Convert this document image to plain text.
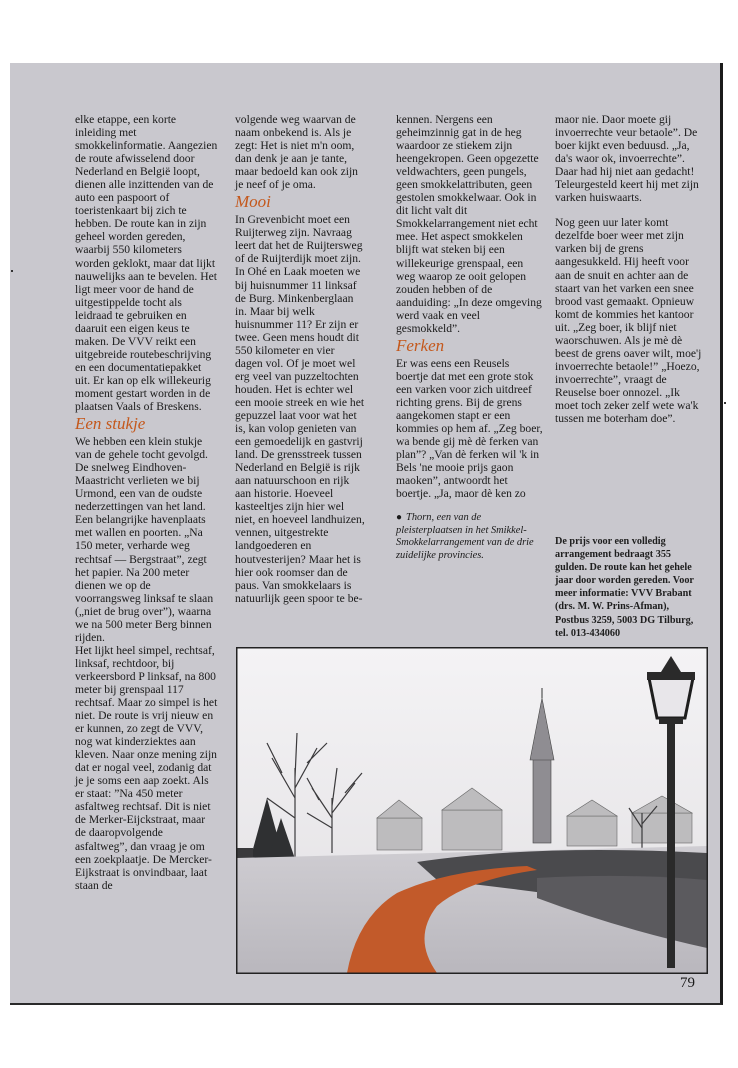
elke etappe, een korte inleiding met smokkelinformatie. Aangezien de route afwisselend door Nederland en België loopt, dienen alle inzittenden van de auto een paspoort of toeristenkaart bij zich te hebben. De route kan in zijn geheel worden gereden, waarbij 550 kilometers worden geklokt, maar dat lijkt nauwelijks aan te bevelen. Het ligt meer voor de hand de uitgestippelde tocht als leidraad te gebruiken en daaruit een eigen keus te maken. De VVV reikt een uitgebreide routebeschrijving en een documentatiepakket uit. Er kan op elk willekeurig moment gestart worden in de plaatsen Vaals of Breskens.

Een stukje

We hebben een klein stukje van de gehele tocht gevolgd. De snelweg Eindhoven-Maastricht verlieten we bij Urmond, een van de oudste nederzettingen van het land. Een belangrijke havenplaats met wallen en poorten. „Na 150 meter, verharde weg rechtsaf — Bergstraat”, zegt het papier. Na 200 meter dienen we op de voorrangsweg linksaf te slaan („niet de brug over”), waarna we na 500 meter Berg binnen rijden.

Het lijkt heel simpel, rechtsaf, linksaf, rechtdoor, bij verkeersbord P linksaf, na 800 meter bij grenspaal 117 rechtsaf. Maar zo simpel is het niet. De route is vrij nieuw en er kunnen, zo zegt de VVV, nog wat kinderziektes aan kleven. Naar onze mening zijn dat er nogal veel, zodanig dat je je soms een aap zoekt. Als er staat: ”Na 450 meter asfaltweg rechtsaf. Dit is niet de Merker-Eijckstraat, maar de daaropvolgende asfaltweg”, dan vraag je om een zoekplaatje. De Mercker-Eijkstraat is onvindbaar, laat staan de

volgende weg waarvan de naam onbekend is. Als je zegt: Het is niet m'n oom, dan denk je aan je tante, maar bedoeld kan ook zijn je neef of je oma.

Mooi

In Grevenbicht moet een Ruijterweg zijn. Navraag leert dat het de Ruijtersweg of de Ruijterdijk moet zijn. In Ohé en Laak moeten we bij huisnummer 11 linksaf de Burg. Minkenberglaan in. Maar bij welk huisnummer 11? Er zijn er twee. Geen mens houdt dit 550 kilometer en vier dagen vol. Of je moet wel erg veel van puzzeltochten houden. Het is echter wel een mooie streek en wie het gepuzzel laat voor wat het is, kan volop genieten van een gemoedelijk en gastvrij land. De grensstreek tussen Nederland en België is rijk aan natuurschoon en rijk aan historie. Hoeveel kasteeltjes zijn hier wel niet, en hoeveel landhuizen, vennen, uitgestrekte landgoederen en houtvesterijen? Maar het is hier ook roomser dan de paus. Van smokkelaars is natuurlijk geen spoor te be-

kennen. Nergens een geheimzinnig gat in de heg waardoor ze stiekem zijn heengekropen. Geen opgezette veldwachters, geen pungels, geen smokkelattributen, geen gestolen smokkelwaar. Ook in dit licht valt dit Smokkelarrangement niet echt mee. Het aspect smokkelen blijft wat steken bij een willekeurige grenspaal, een weg waarop ze ooit gelopen zouden hebben of de aanduiding: „In deze omgeving werd vaak en veel gesmokkeld”.

Ferken

Er was eens een Reusels boertje dat met een grote stok een varken voor zich uitdreef richting grens. Bij de grens aangekomen stapt er een kommies op hem af. „Zeg boer, wa bende gij mè dè ferken van plan”? „Van dè ferken wil 'k in Bels 'ne mooie prijs gaon maoken”, antwoordt het boertje. „Ja, maor dè ken zo

● Thorn, een van de pleisterplaatsen in het Smikkel-Smokkelarrangement van de drie zuidelijke provincies.

maor nie. Daor moete gij invoerrechte veur betaole”. De boer kijkt even beduusd. „Ja, da's waor ok, invoerrechte”. Daar had hij niet aan gedacht! Teleurgesteld keert hij met zijn varken huiswaarts.

Nog geen uur later komt dezelfde boer weer met zijn varken bij de grens aangesukkeld. Hij heeft voor aan de snuit en achter aan de staart van het varken een snee brood vast gemaakt. Opnieuw komt de kommies het kantoor uit. „Zeg boer, ik blijf niet waorschuwen. Als je mè dè beest de grens oaver wilt, moe'j invoerrechte betaole!” „Hoezo, invoerrechte”, vraagt de Reuselse boer onnozel. „Ik moet toch zeker zelf wete wa'k tussen me boterham doe”.

De prijs voor een volledig arrangement bedraagt 355 gulden. De route kan het gehele jaar door worden gereden. Voor meer informatie: VVV Brabant (drs. M. W. Prins-Afman), Postbus 3259, 5003 DG Tilburg, tel. 013-434060
79
